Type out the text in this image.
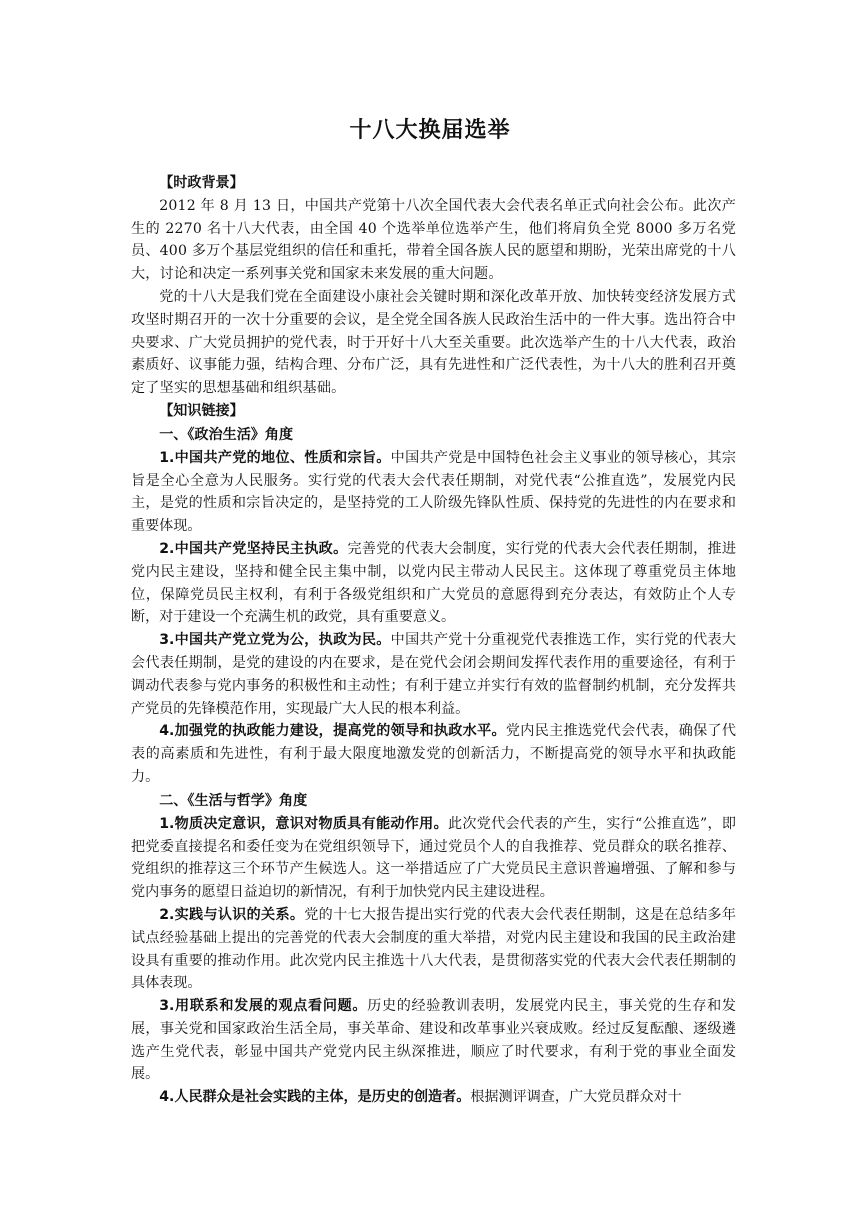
十八大换届选举

【时政背景】

2012 年 8 月 13 日，中国共产党第十八次全国代表大会代表名单正式向社会公布。此次产生的 2270 名十八大代表，由全国 40 个选举单位选举产生，他们将肩负全党 8000 多万名党员、400 多万个基层党组织的信任和重托，带着全国各族人民的愿望和期盼，光荣出席党的十八大，讨论和决定一系列事关党和国家未来发展的重大问题。

党的十八大是我们党在全面建设小康社会关键时期和深化改革开放、加快转变经济发展方式攻坚时期召开的一次十分重要的会议，是全党全国各族人民政治生活中的一件大事。选出符合中央要求、广大党员拥护的党代表，时于开好十八大至关重要。此次选举产生的十八大代表，政治素质好、议事能力强，结构合理、分布广泛，具有先进性和广泛代表性，为十八大的胜利召开奠定了坚实的思想基础和组织基础。

【知识链接】

一、《政治生活》角度

1.中国共产党的地位、性质和宗旨。中国共产党是中国特色社会主义事业的领导核心，其宗旨是全心全意为人民服务。实行党的代表大会代表任期制，对党代表“公推直选”，发展党内民主，是党的性质和宗旨决定的，是坚持党的工人阶级先锋队性质、保持党的先进性的内在要求和重要体现。

2.中国共产党坚持民主执政。完善党的代表大会制度，实行党的代表大会代表任期制，推进党内民主建设，坚持和健全民主集中制，以党内民主带动人民民主。这体现了尊重党员主体地位，保障党员民主权利，有利于各级党组织和广大党员的意愿得到充分表达，有效防止个人专断，对于建设一个充满生机的政党，具有重要意义。

3.中国共产党立党为公，执政为民。中国共产党十分重视党代表推选工作，实行党的代表大会代表任期制，是党的建设的内在要求，是在党代会闭会期间发挥代表作用的重要途径，有利于调动代表参与党内事务的积极性和主动性；有利于建立并实行有效的监督制约机制，充分发挥共产党员的先锋模范作用，实现最广大人民的根本利益。

4.加强党的执政能力建设，提高党的领导和执政水平。党内民主推选党代会代表，确保了代表的高素质和先进性，有利于最大限度地激发党的创新活力，不断提高党的领导水平和执政能力。

二、《生活与哲学》角度

1.物质决定意识，意识对物质具有能动作用。此次党代会代表的产生，实行“公推直选”，即把党委直接提名和委任变为在党组织领导下，通过党员个人的自我推荐、党员群众的联名推荐、党组织的推荐这三个环节产生候选人。这一举措适应了广大党员民主意识普遍增强、了解和参与党内事务的愿望日益迫切的新情况，有利于加快党内民主建设进程。

2.实践与认识的关系。党的十七大报告提出实行党的代表大会代表任期制，这是在总结多年试点经验基础上提出的完善党的代表大会制度的重大举措，对党内民主建设和我国的民主政治建设具有重要的推动作用。此次党内民主推选十八大代表，是贯彻落实党的代表大会代表任期制的具体表现。

3.用联系和发展的观点看问题。历史的经验教训表明，发展党内民主，事关党的生存和发展，事关党和国家政治生活全局，事关革命、建设和改革事业兴衰成败。经过反复酝酿、逐级遴选产生党代表，彰显中国共产党党内民主纵深推进，顺应了时代要求，有利于党的事业全面发展。

4.人民群众是社会实践的主体，是历史的创造者。根据测评调查，广大党员群众对十
